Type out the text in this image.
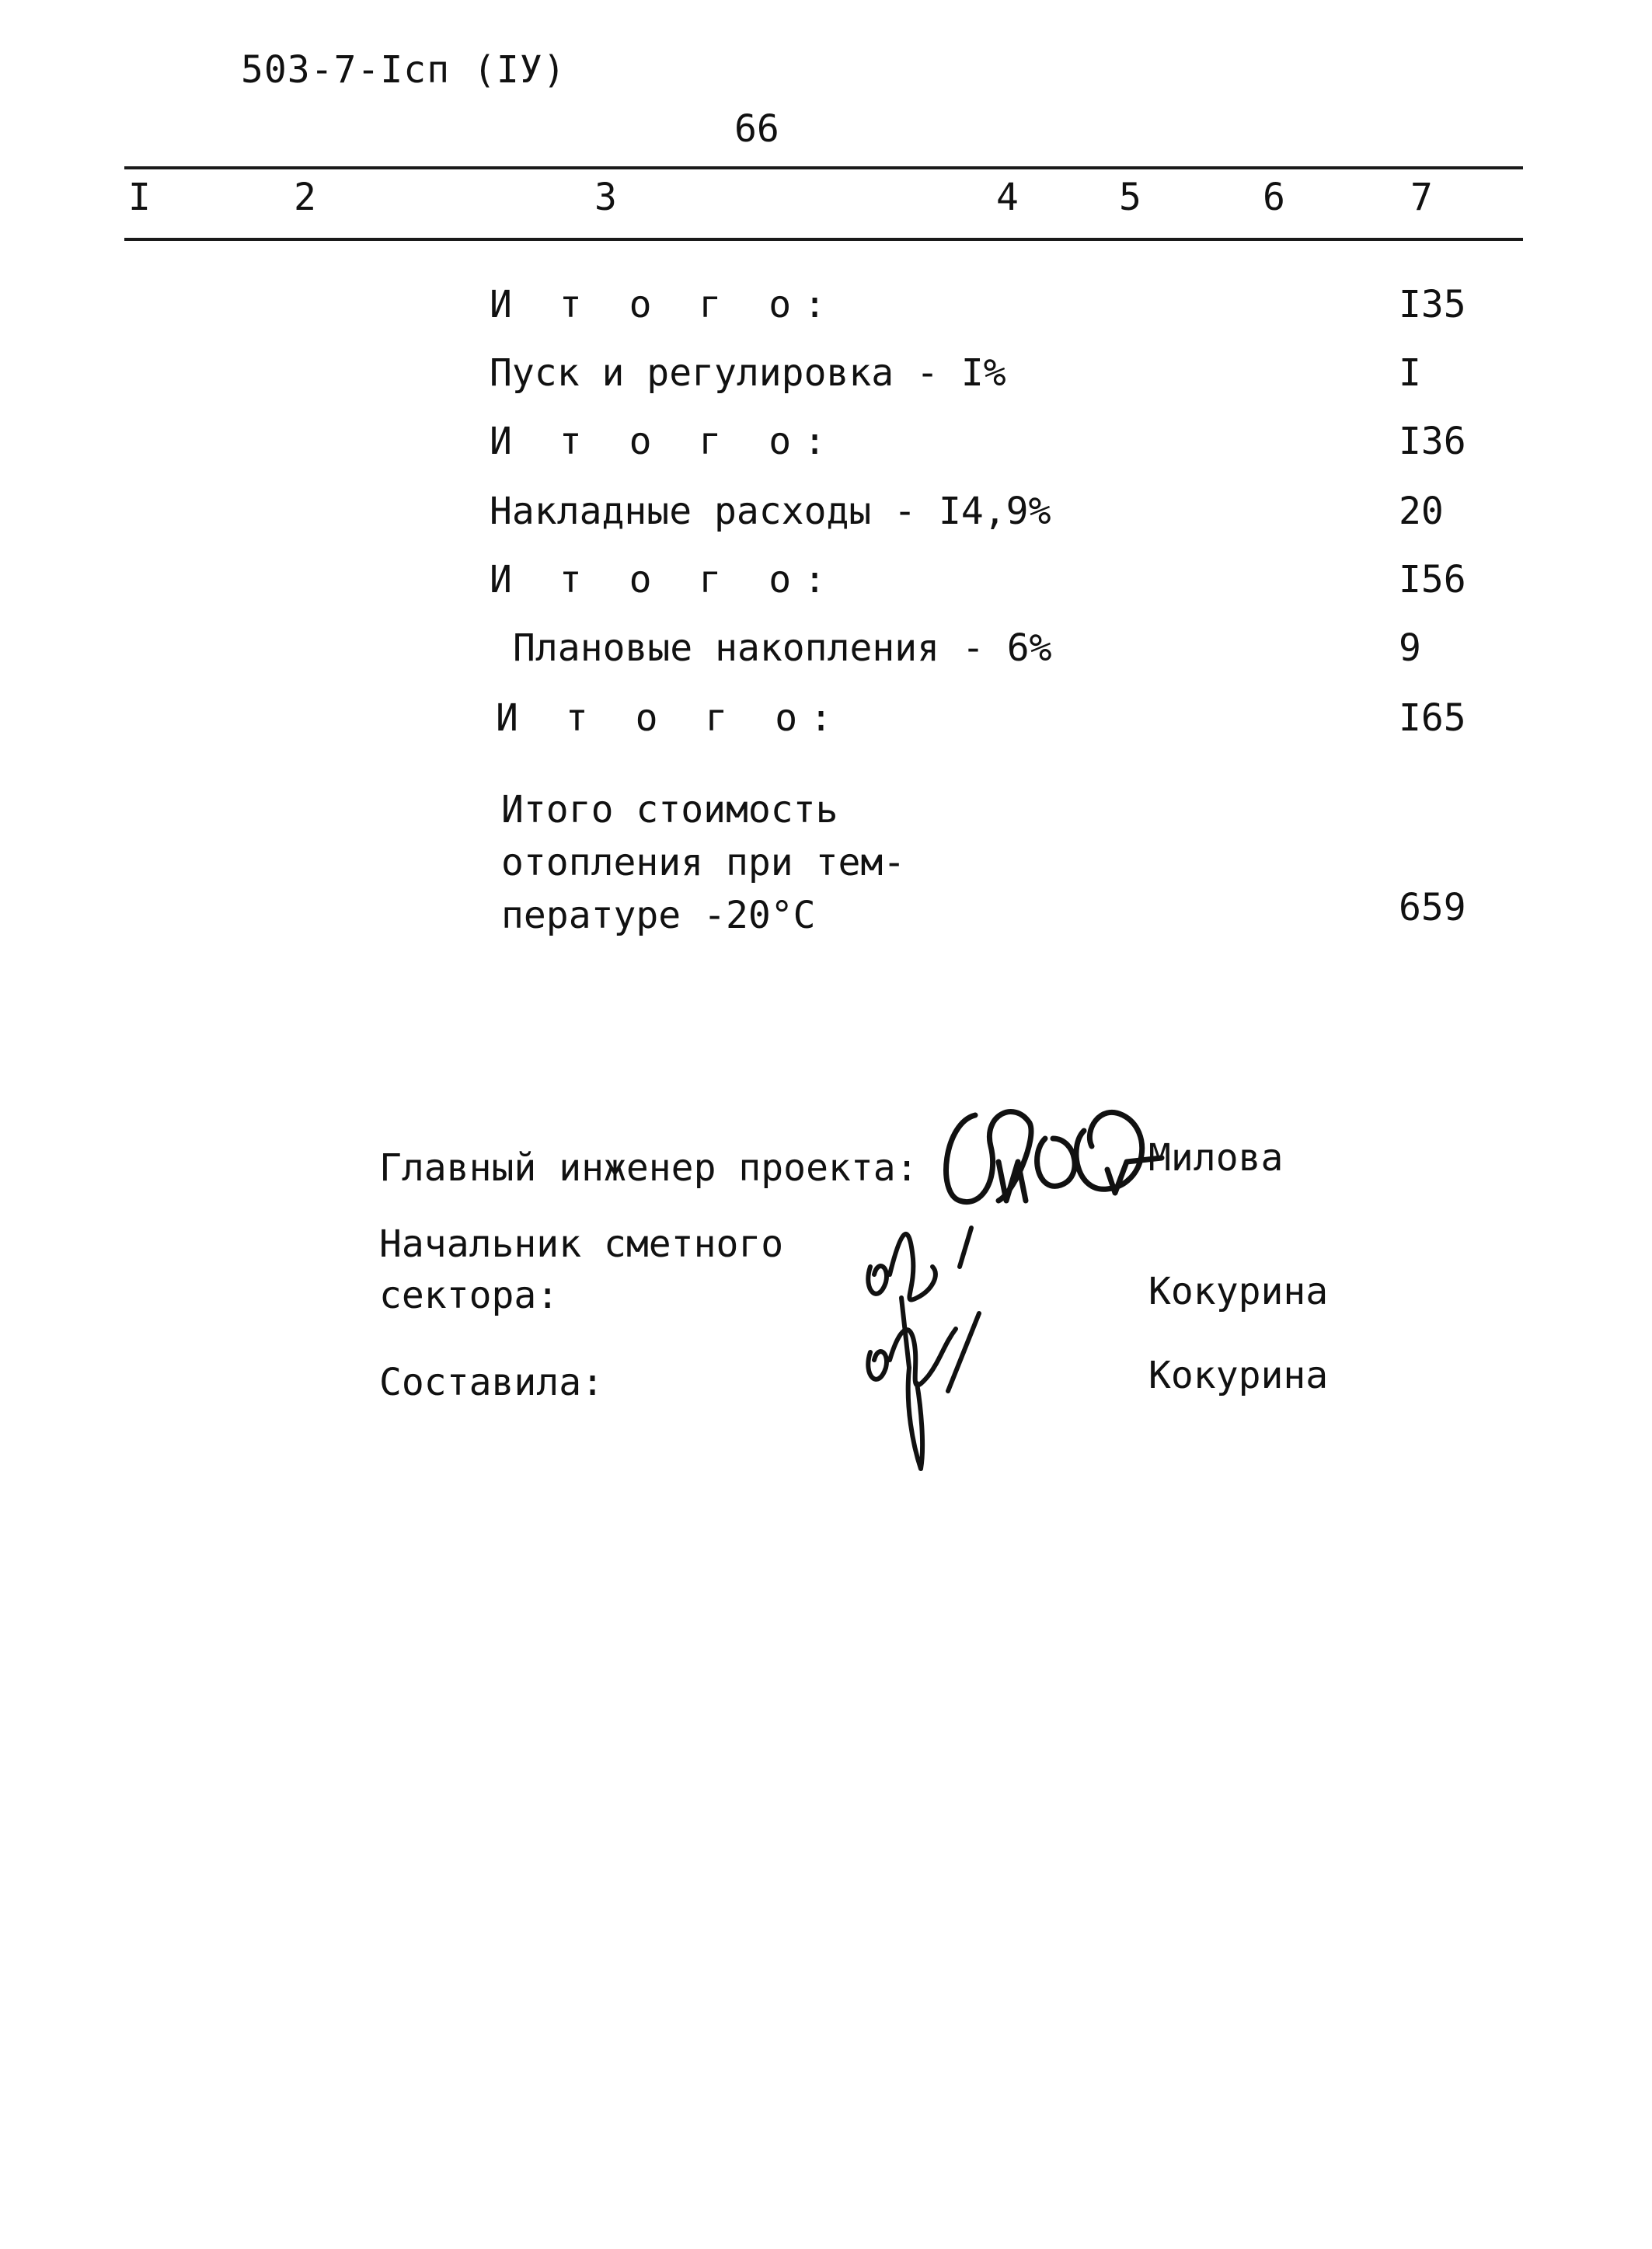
503-7-Iсп (IУ)
66
I	2	3	4	5	6	7
И т о г о:	I35
Пуск и регулировка - I%	I
И т о г о:	I36
Накладные расходы - I4,9%	20
И т о г о:	I56
Плановые накопления - 6%	9
И т о г о:	I65
Итого стоимость
отопления при тем-
пературе -20°С	659
Главный инженер проекта:	Милова
Начальник сметного
сектора:	Кокурина
Составила:	Кокурина
